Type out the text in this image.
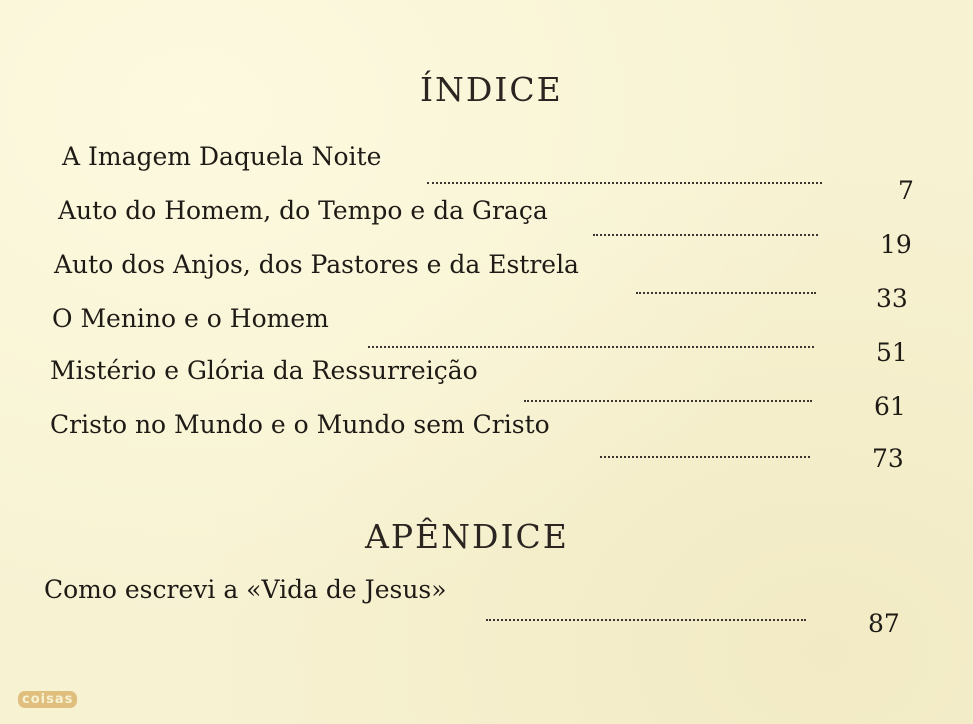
ÍNDICE
A Imagem Daquela Noite
7
Auto do Homem, do Tempo e da Graça
19
Auto dos Anjos, dos Pastores e da Estrela
33
O Menino e o Homem
51
Mistério e Glória da Ressurreição
61
Cristo no Mundo e o Mundo sem Cristo
73
APÊNDICE
Como escrevi a «Vida de Jesus»
87
coisas
